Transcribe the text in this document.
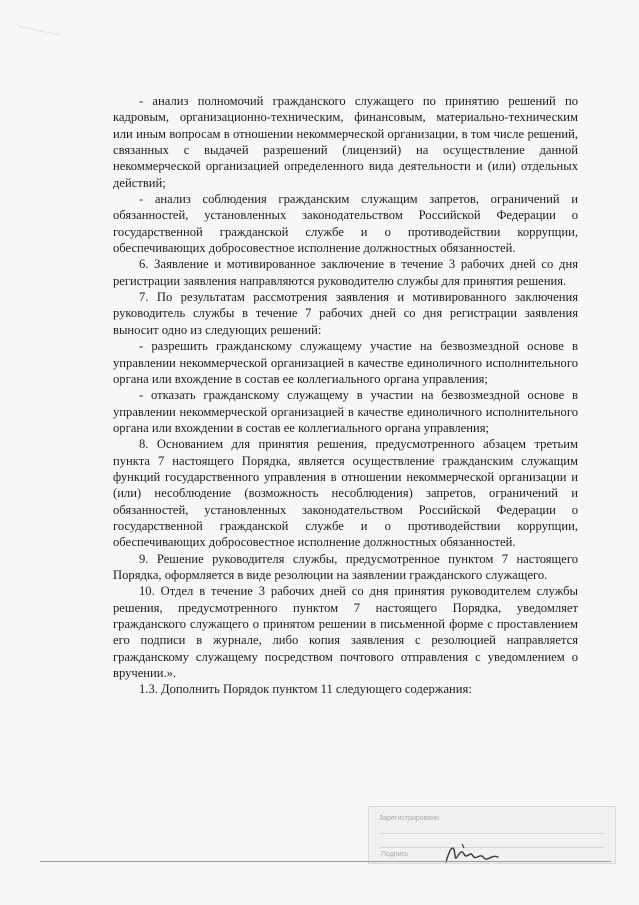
- анализ полномочий гражданского служащего по принятию решений по кадровым, организационно-техническим, финансовым, материально-техническим или иным вопросам в отношении некоммерческой организации, в том числе решений, связанных с выдачей разрешений (лицензий) на осуществление данной некоммерческой организацией определенного вида деятельности и (или) отдельных действий;

- анализ соблюдения гражданским служащим запретов, ограничений и обязанностей, установленных законодательством Российской Федерации о государственной гражданской службе и о противодействии коррупции, обеспечивающих добросовестное исполнение должностных обязанностей.

6. Заявление и мотивированное заключение в течение 3 рабочих дней со дня регистрации заявления направляются руководителю службы для принятия решения.

7. По результатам рассмотрения заявления и мотивированного заключения руководитель службы в течение 7 рабочих дней со дня регистрации заявления выносит одно из следующих решений:

- разрешить гражданскому служащему участие на безвозмездной основе в управлении некоммерческой организацией в качестве единоличного исполнительного органа или вхождение в состав ее коллегиального органа управления;

- отказать гражданскому служащему в участии на безвозмездной основе в управлении некоммерческой организацией в качестве единоличного исполнительного органа или вхождении в состав ее коллегиального органа управления;

8. Основанием для принятия решения, предусмотренного абзацем третьим пункта 7 настоящего Порядка, является осуществление гражданским служащим функций государственного управления в отношении некоммерческой организации и (или) несоблюдение (возможность несоблюдения) запретов, ограничений и обязанностей, установленных законодательством Российской Федерации о государственной гражданской службе и о противодействии коррупции, обеспечивающих добросовестное исполнение должностных обязанностей.

9. Решение руководителя службы, предусмотренное пунктом 7 настоящего Порядка, оформляется в виде резолюции на заявлении гражданского служащего.

10. Отдел в течение 3 рабочих дней со дня принятия руководителем службы решения, предусмотренного пунктом 7 настоящего Порядка, уведомляет гражданского служащего о принятом решении в письменной форме с проставлением его подписи в журнале, либо копия заявления с резолюцией направляется гражданскому служащему посредством почтового отправления с уведомлением о вручении.».

1.3. Дополнить Порядок пунктом 11 следующего содержания:

Зарегистрировано
Подпись
